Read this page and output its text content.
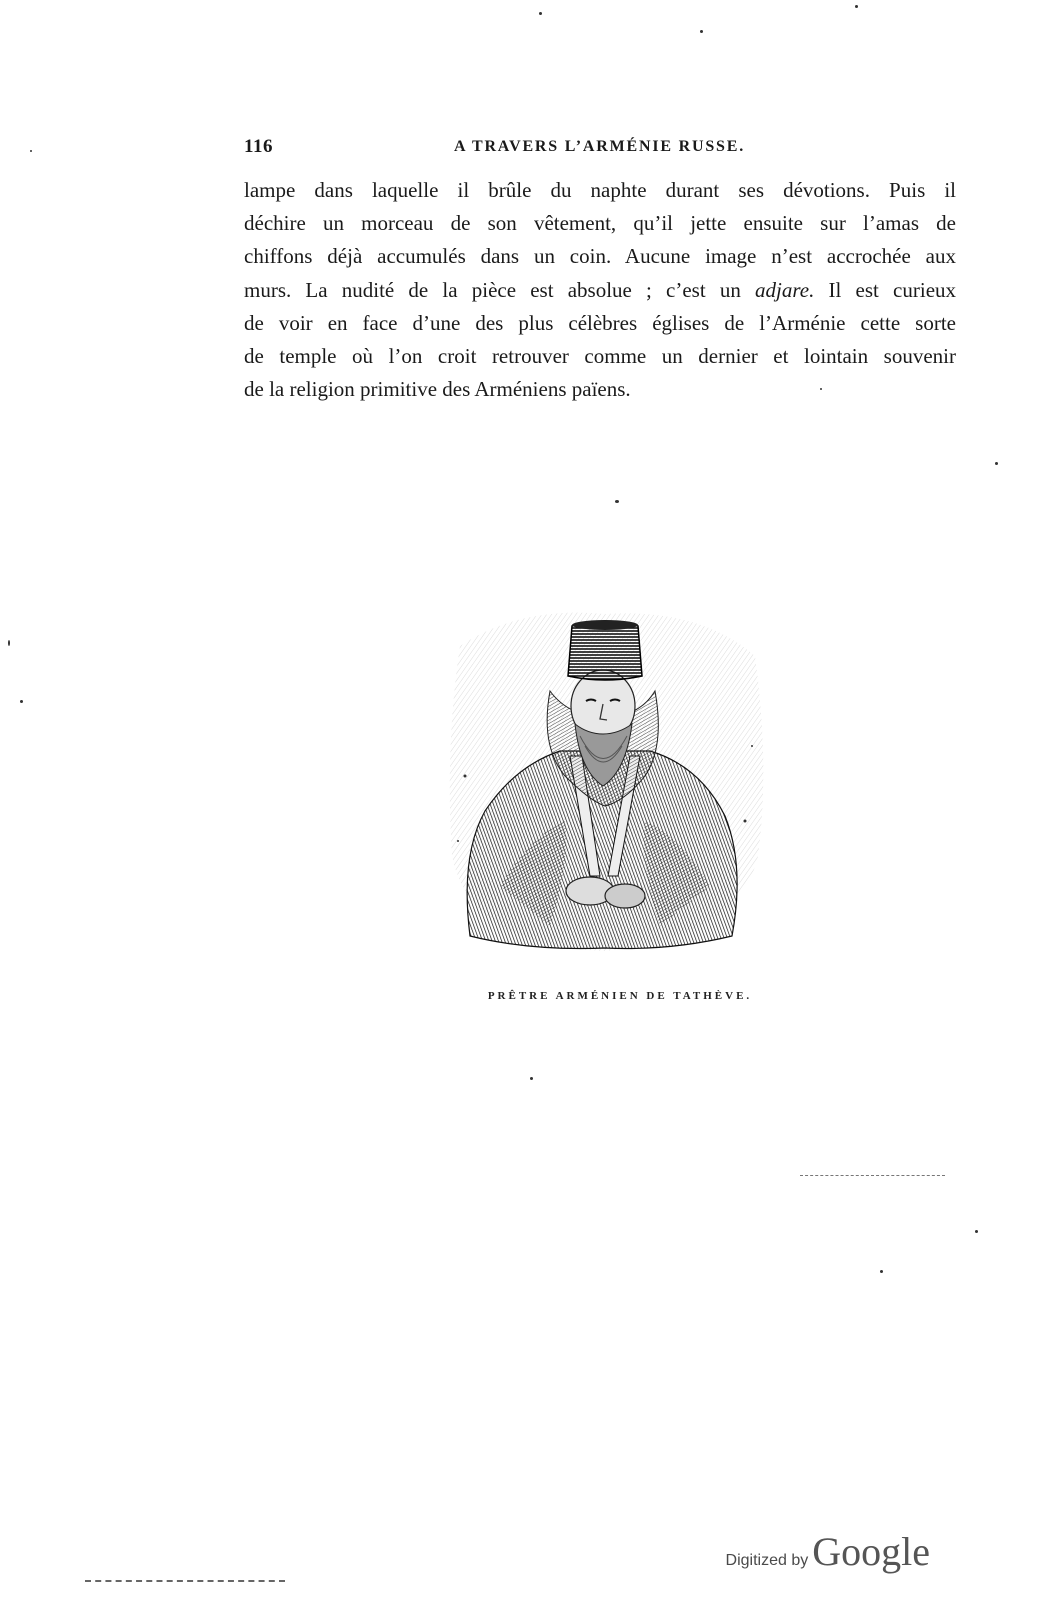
116	A TRAVERS L’ARMÉNIE RUSSE.
lampe dans laquelle il brûle du naphte durant ses dévotions. Puis il
déchire un morceau de son vêtement, qu’il jette ensuite sur l’amas de
chiffons déjà accumulés dans un coin. Aucune image n’est accrochée aux
murs. La nudité de la pièce est absolue ; c’est un adjare. Il est curieux
de voir en face d’une des plus célèbres églises de l’Arménie cette sorte
de temple où l’on croit retrouver comme un dernier et lointain souvenir
de la religion primitive des Arméniens païens.
PRÊTRE ARMÉNIEN DE TATHÈVE.
Digitized by Google
